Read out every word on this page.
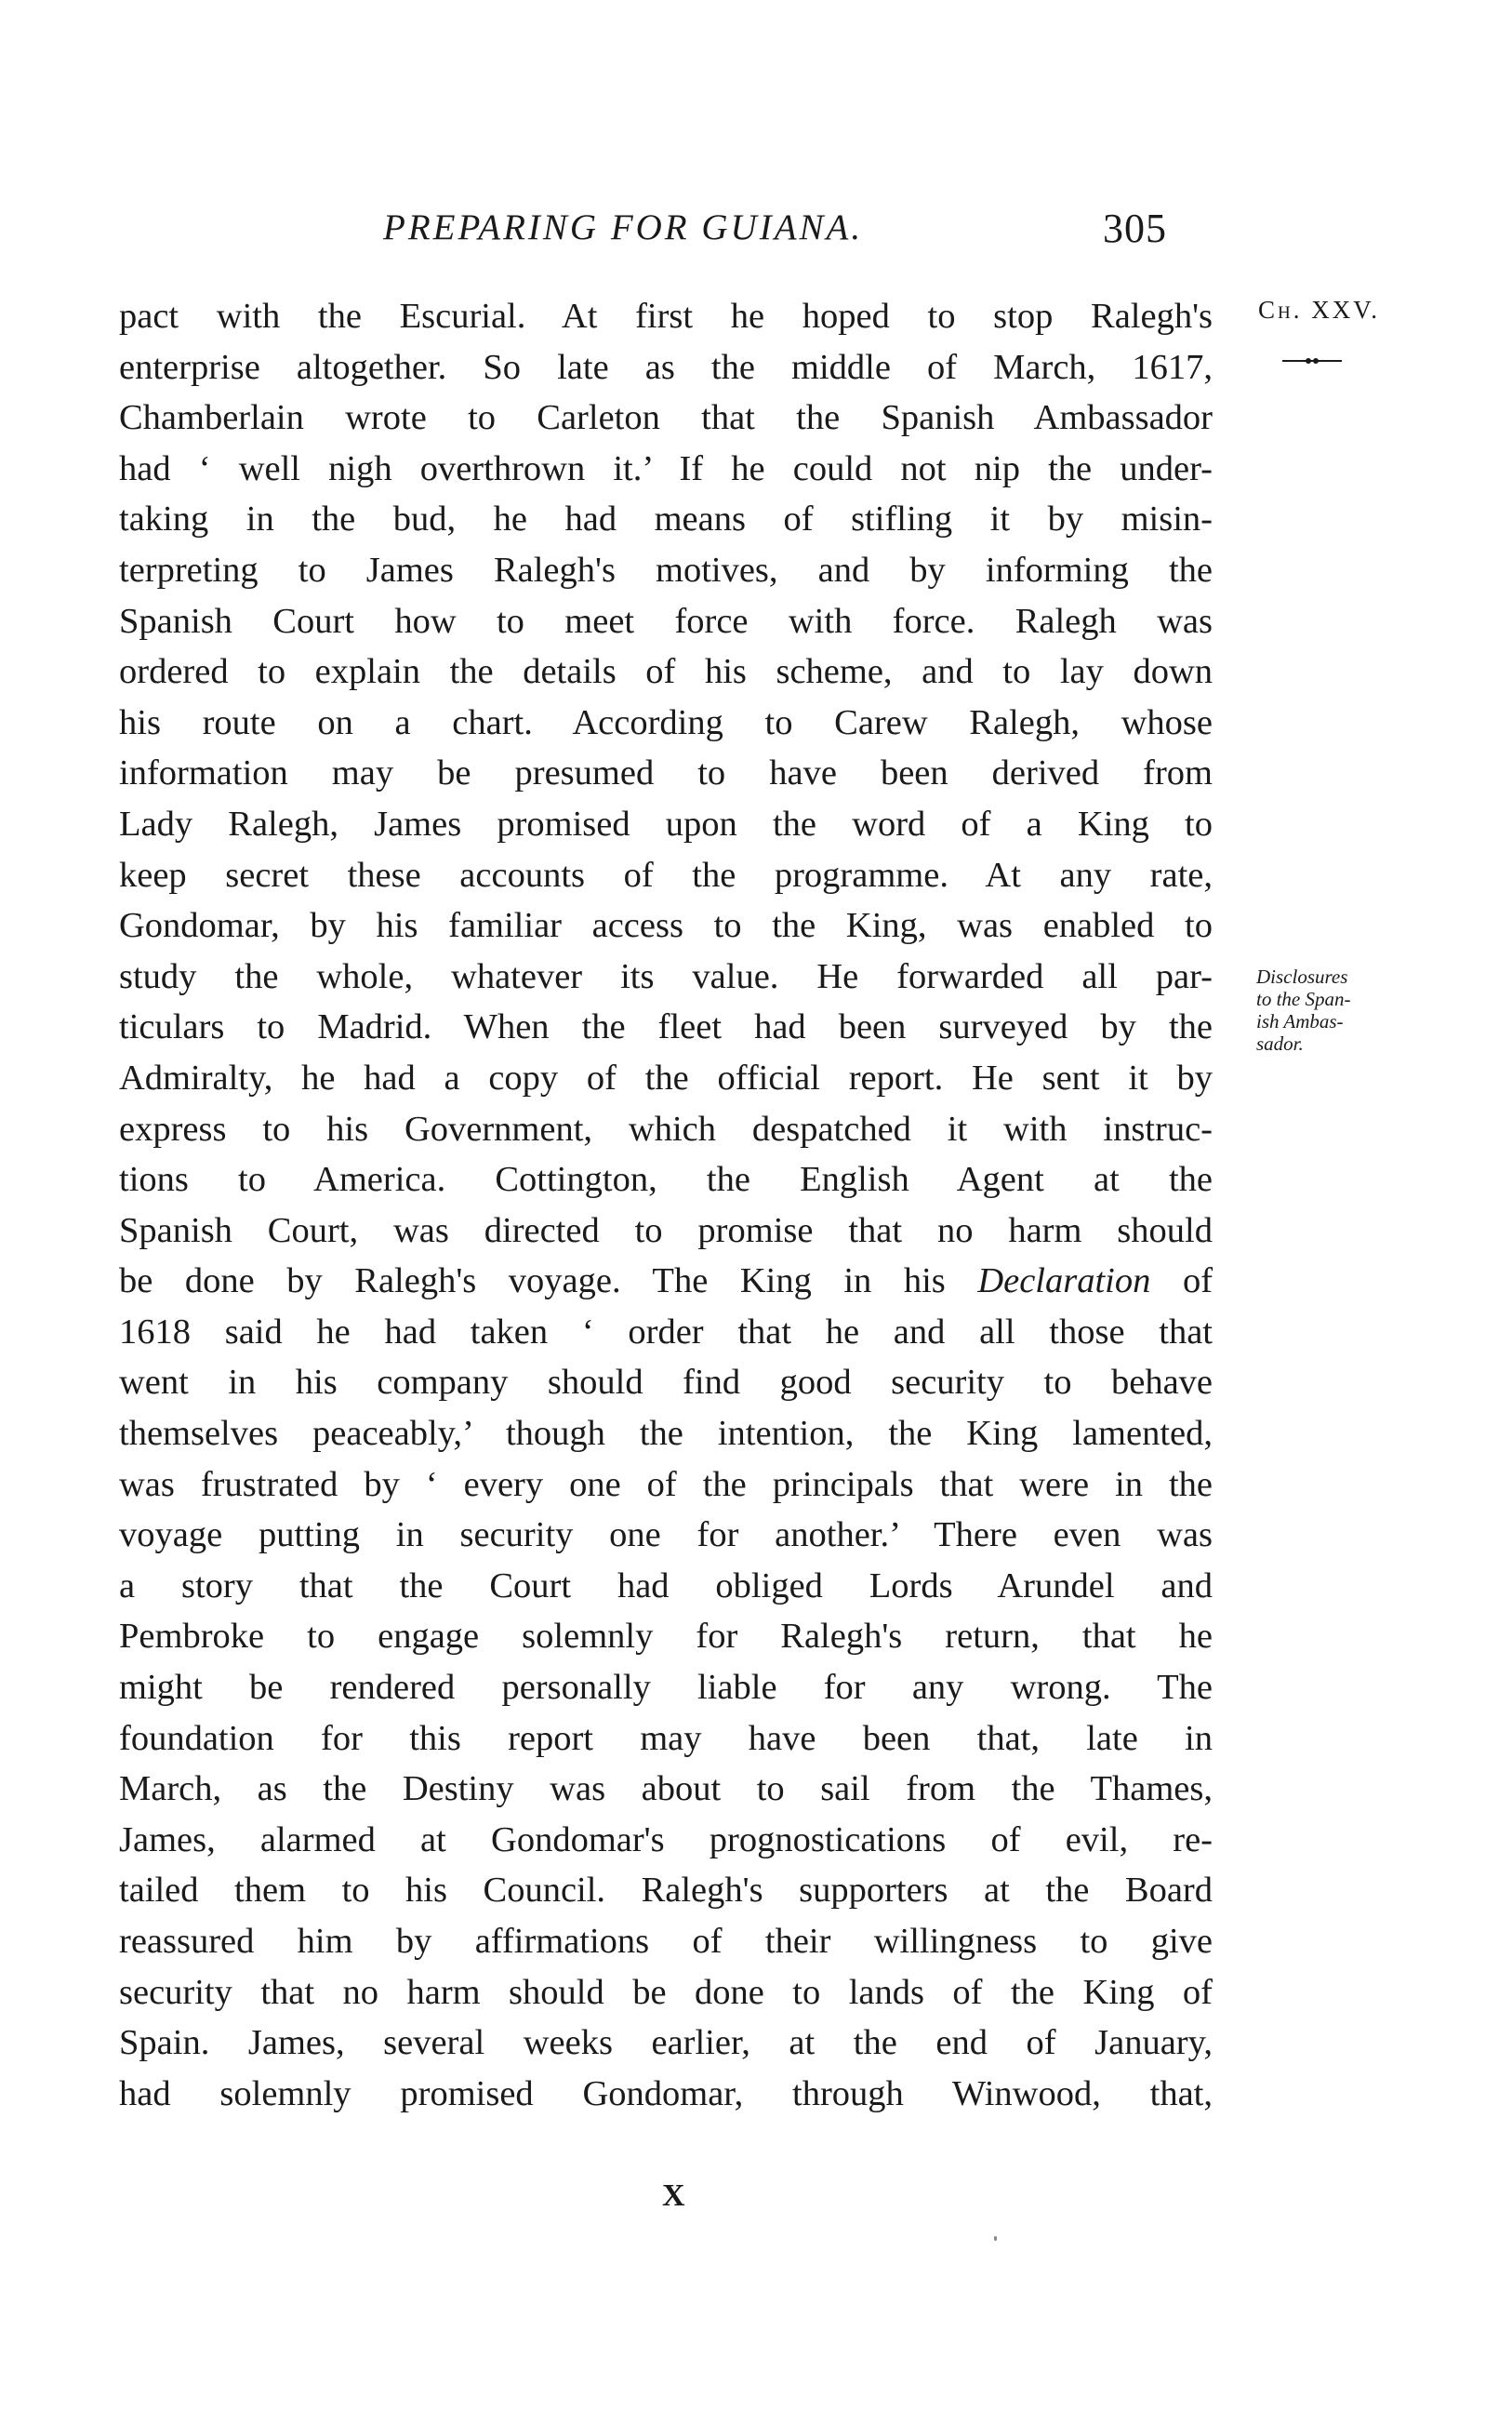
PREPARING FOR GUIANA.	305
Ch. XXV.
pact with the Escurial. At first he hoped to stop Ralegh's
enterprise altogether. So late as the middle of March, 1617,
Chamberlain wrote to Carleton that the Spanish Ambassador
had ‘ well nigh overthrown it.’ If he could not nip the under-
taking in the bud, he had means of stifling it by misin-
terpreting to James Ralegh's motives, and by informing the
Spanish Court how to meet force with force. Ralegh was
ordered to explain the details of his scheme, and to lay down
his route on a chart. According to Carew Ralegh, whose
information may be presumed to have been derived from
Lady Ralegh, James promised upon the word of a King to
keep secret these accounts of the programme. At any rate,
Gondomar, by his familiar access to the King, was enabled to
study the whole, whatever its value. He forwarded all par-
ticulars to Madrid. When the fleet had been surveyed by the
Admiralty, he had a copy of the official report. He sent it by
express to his Government, which despatched it with instruc-
tions to America. Cottington, the English Agent at the
Spanish Court, was directed to promise that no harm should
be done by Ralegh's voyage. The King in his Declaration of
1618 said he had taken ‘ order that he and all those that
went in his company should find good security to behave
themselves peaceably,’ though the intention, the King lamented,
was frustrated by ‘ every one of the principals that were in the
voyage putting in security one for another.’ There even was
a story that the Court had obliged Lords Arundel and
Pembroke to engage solemnly for Ralegh's return, that he
might be rendered personally liable for any wrong. The
foundation for this report may have been that, late in
March, as the Destiny was about to sail from the Thames,
James, alarmed at Gondomar's prognostications of evil, re-
tailed them to his Council. Ralegh's supporters at the Board
reassured him by affirmations of their willingness to give
security that no harm should be done to lands of the King of
Spain. James, several weeks earlier, at the end of January,
had solemnly promised Gondomar, through Winwood, that,
Disclosures
to the Span-
ish Ambas-
sador.
X
